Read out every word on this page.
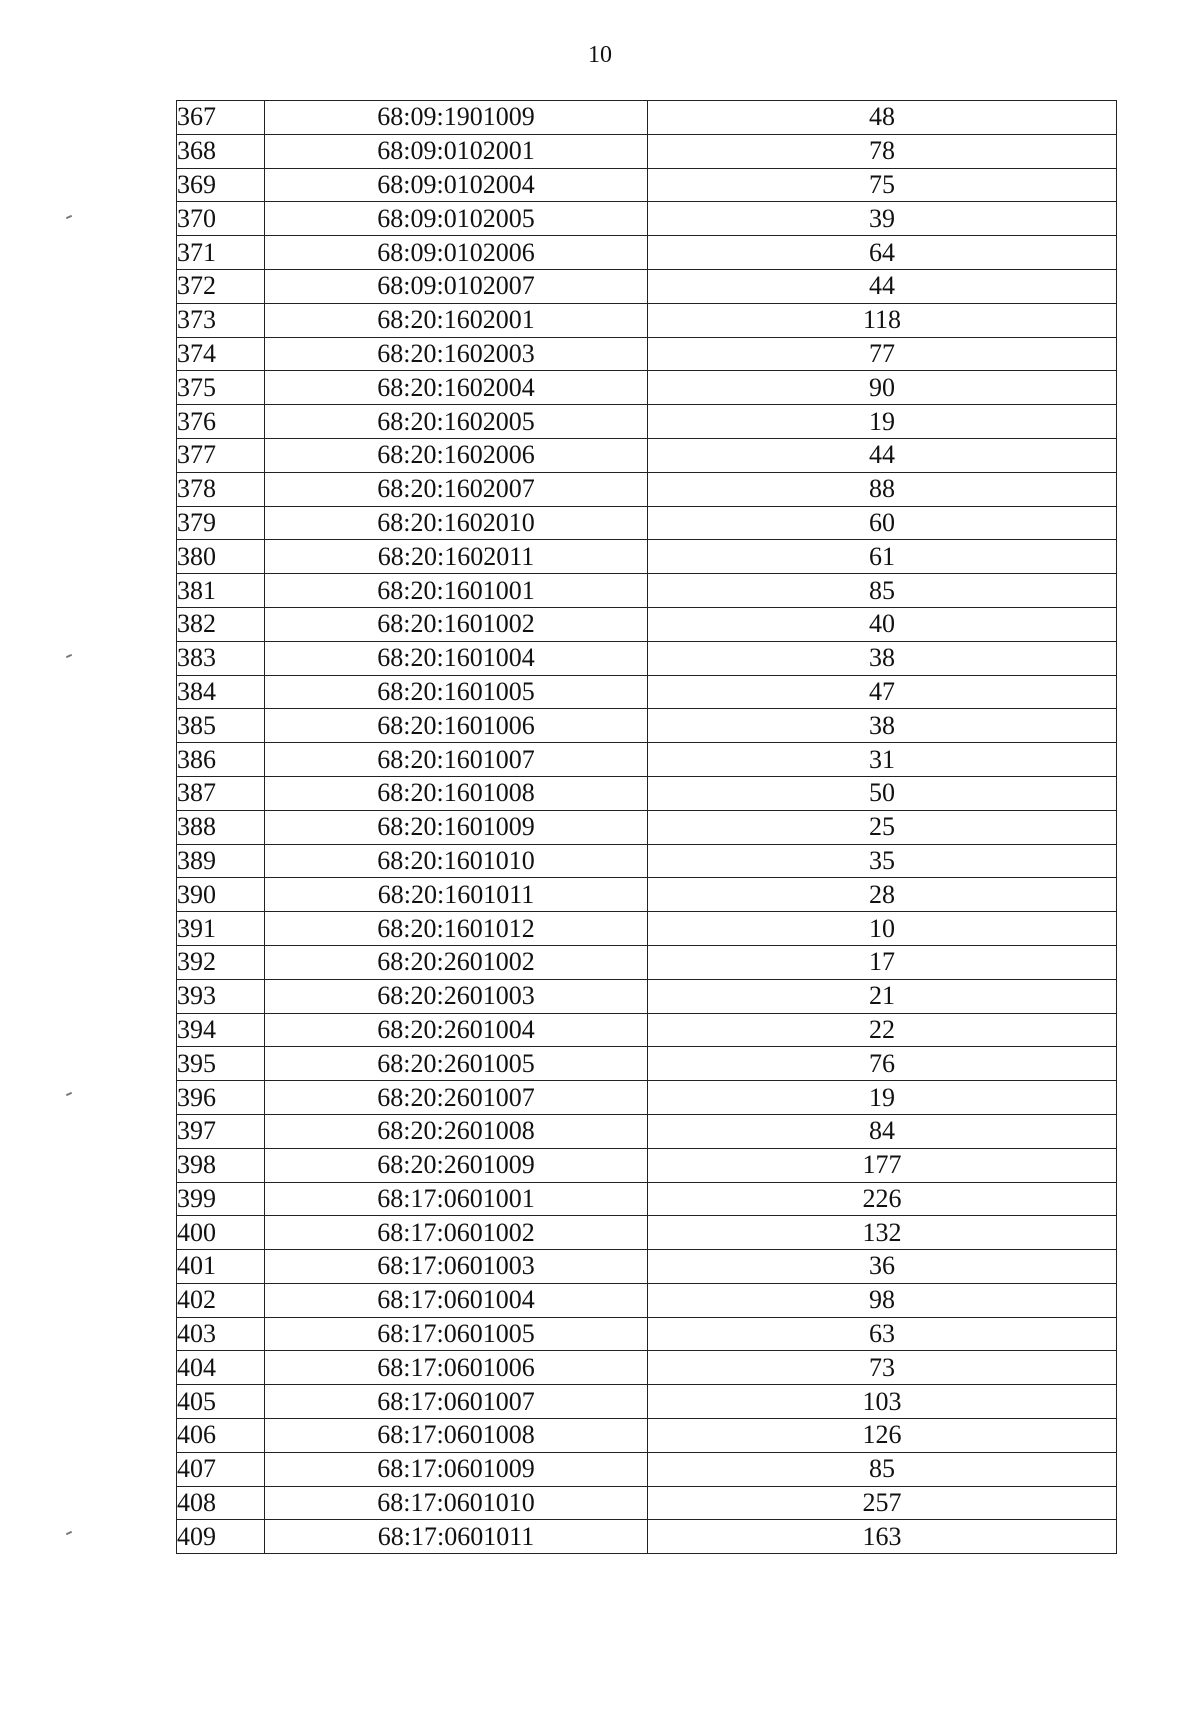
10
367	68:09:1901009	48
368	68:09:0102001	78
369	68:09:0102004	75
370	68:09:0102005	39
371	68:09:0102006	64
372	68:09:0102007	44
373	68:20:1602001	118
374	68:20:1602003	77
375	68:20:1602004	90
376	68:20:1602005	19
377	68:20:1602006	44
378	68:20:1602007	88
379	68:20:1602010	60
380	68:20:1602011	61
381	68:20:1601001	85
382	68:20:1601002	40
383	68:20:1601004	38
384	68:20:1601005	47
385	68:20:1601006	38
386	68:20:1601007	31
387	68:20:1601008	50
388	68:20:1601009	25
389	68:20:1601010	35
390	68:20:1601011	28
391	68:20:1601012	10
392	68:20:2601002	17
393	68:20:2601003	21
394	68:20:2601004	22
395	68:20:2601005	76
396	68:20:2601007	19
397	68:20:2601008	84
398	68:20:2601009	177
399	68:17:0601001	226
400	68:17:0601002	132
401	68:17:0601003	36
402	68:17:0601004	98
403	68:17:0601005	63
404	68:17:0601006	73
405	68:17:0601007	103
406	68:17:0601008	126
407	68:17:0601009	85
408	68:17:0601010	257
409	68:17:0601011	163
